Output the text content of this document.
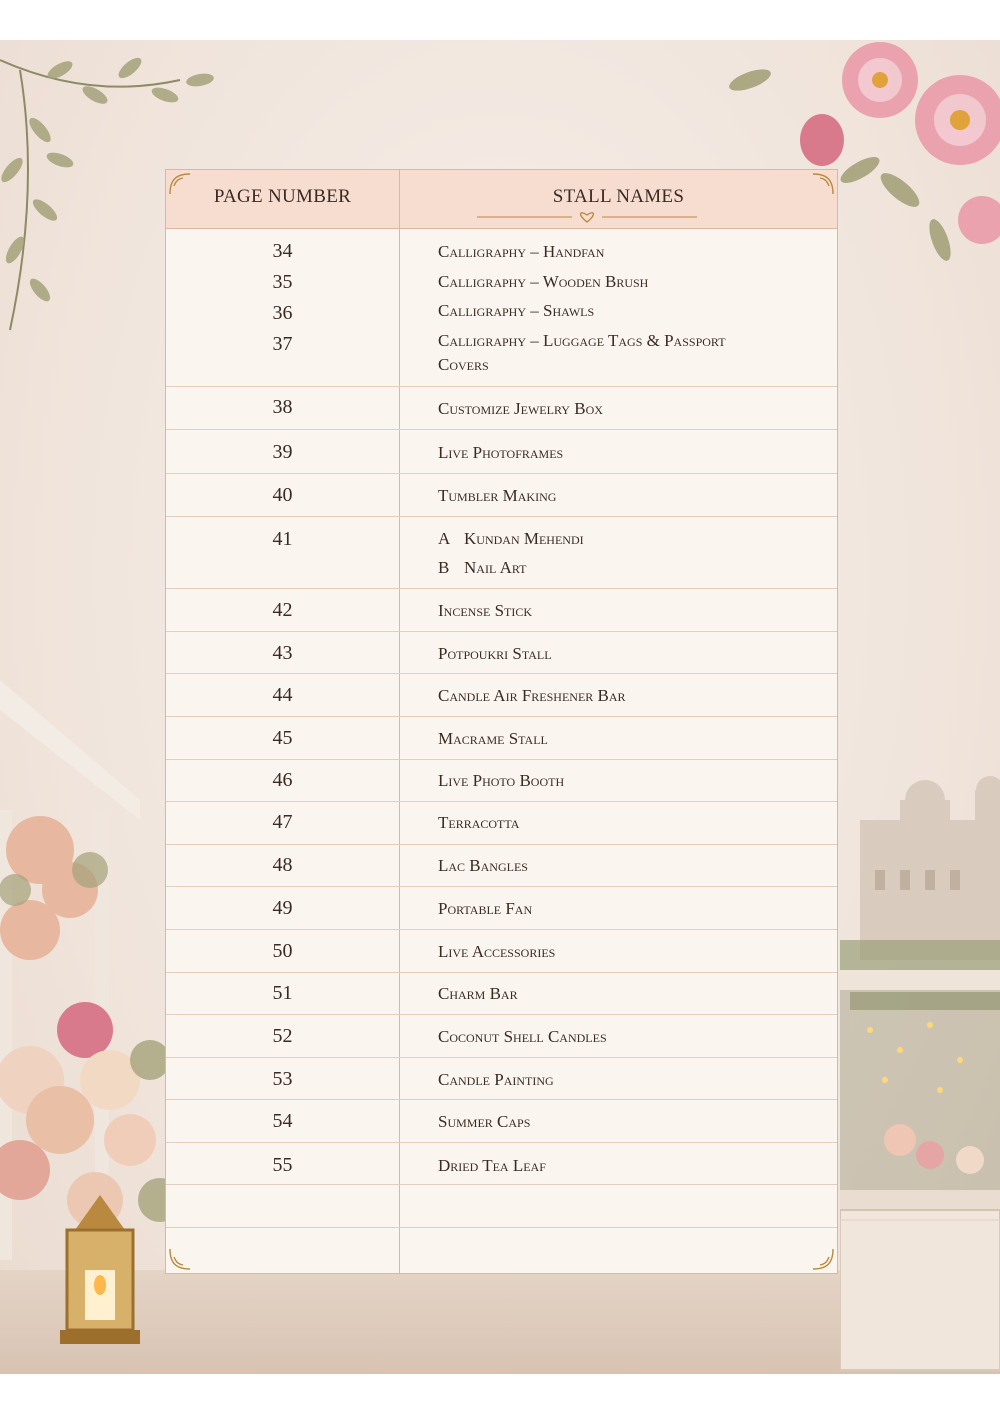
PAGE NUMBER	STALL NAMES
34	Calligraphy – Handfan
35	Calligraphy – Wooden Brush
36	Calligraphy – Shawls
37	Calligraphy – Luggage Tags & Passport
Covers
38	Customize Jewelry Box
39	Live Photoframes
40	Tumbler Making
41	A Kundan Mehendi
B Nail Art
42	Incense Stick
43	Potpoukri Stall
44	Candle Air Freshener Bar
45	Macrame Stall
46	Live Photo Booth
47	Terracotta
48	Lac Bangles
49	Portable Fan
50	Live Accessories
51	Charm Bar
52	Coconut Shell Candles
53	Candle Painting
54	Summer Caps
55	Dried Tea Leaf
